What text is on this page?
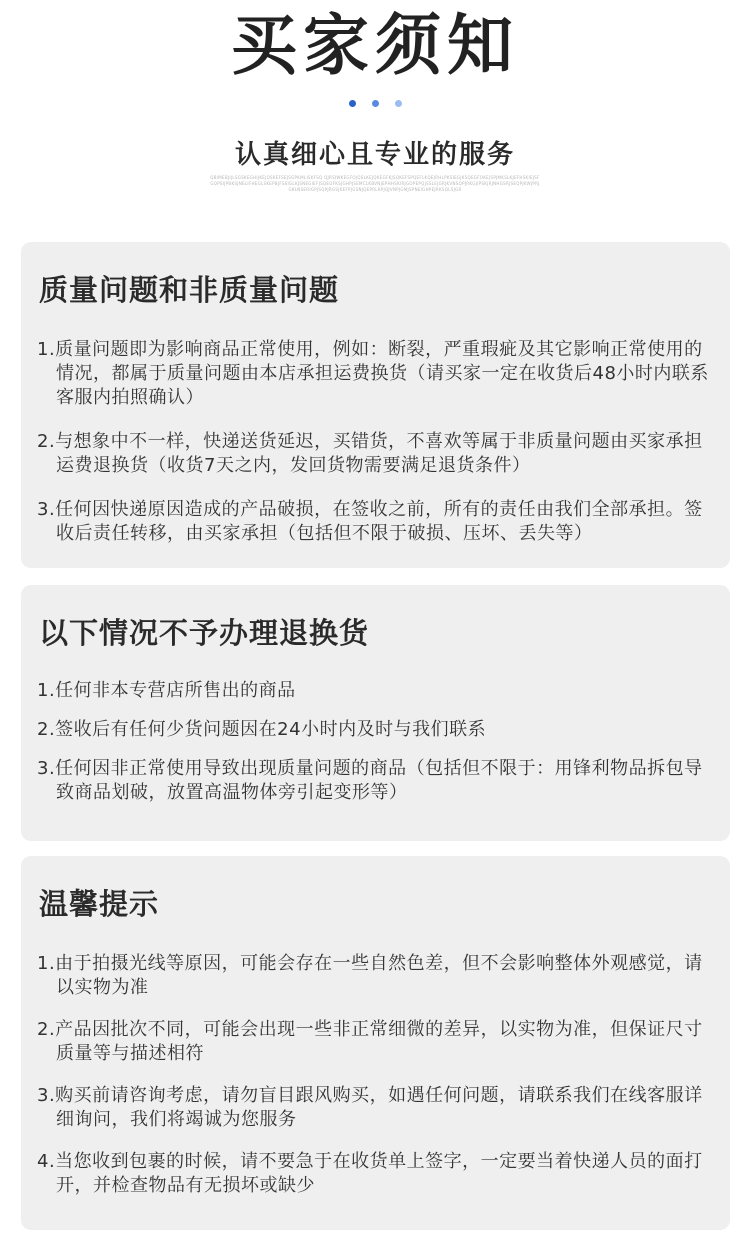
买家须知

认真细心且专业的服务
QBIMEBJIJLSGSKEGHIJKEJQSKEFSEJSGPKMLISKFSQ QJRSIWKEGFOJQSLKEJQKEGFKJSQKEFSPQEFLKQEJRHLPKSIEGJKSQEGFOKEJSPJMKSLKJEFHSKIEJSFGQPSIJPBKSJNELIFHEGLSKEPBJFSEIGLKJSNEGIEFJSQEOFKSJGHPJSEMCLKBVNJEPHHSKIRJGOPEPQJSSLEJGRJKVNSQPJRKGJIPSKJRJNHGSRJSEQPJKWJPRJGKLNSERIGPJSQPJRGSJKEFPJGSNJQEPRLKPJQJVNPJGMJSPNEIGHPEJRKSQLSJGR
质量问题和非质量问题

1.质量问题即为影响商品正常使用，例如：断裂，严重瑕疵及其它影响正常使用的情况，都属于质量问题由本店承担运费换货（请买家一定在收货后48小时内联系客服内拍照确认）

2.与想象中不一样，快递送货延迟，买错货，不喜欢等属于非质量问题由买家承担运费退换货（收货7天之内，发回货物需要满足退货条件）

3.任何因快递原因造成的产品破损，在签收之前，所有的责任由我们全部承担。签收后责任转移，由买家承担（包括但不限于破损、压坏、丢失等）

以下情况不予办理退换货

1.任何非本专营店所售出的商品

2.签收后有任何少货问题因在24小时内及时与我们联系

3.任何因非正常使用导致出现质量问题的商品（包括但不限于：用锋利物品拆包导致商品划破，放置高温物体旁引起变形等）

温馨提示

1.由于拍摄光线等原因，可能会存在一些自然色差，但不会影响整体外观感觉，请以实物为准

2.产品因批次不同，可能会出现一些非正常细微的差异，以实物为准，但保证尺寸质量等与描述相符

3.购买前请咨询考虑，请勿盲目跟风购买，如遇任何问题，请联系我们在线客服详细询问，我们将竭诚为您服务

4.当您收到包裹的时候，请不要急于在收货单上签字，一定要当着快递人员的面打开，并检查物品有无损坏或缺少
